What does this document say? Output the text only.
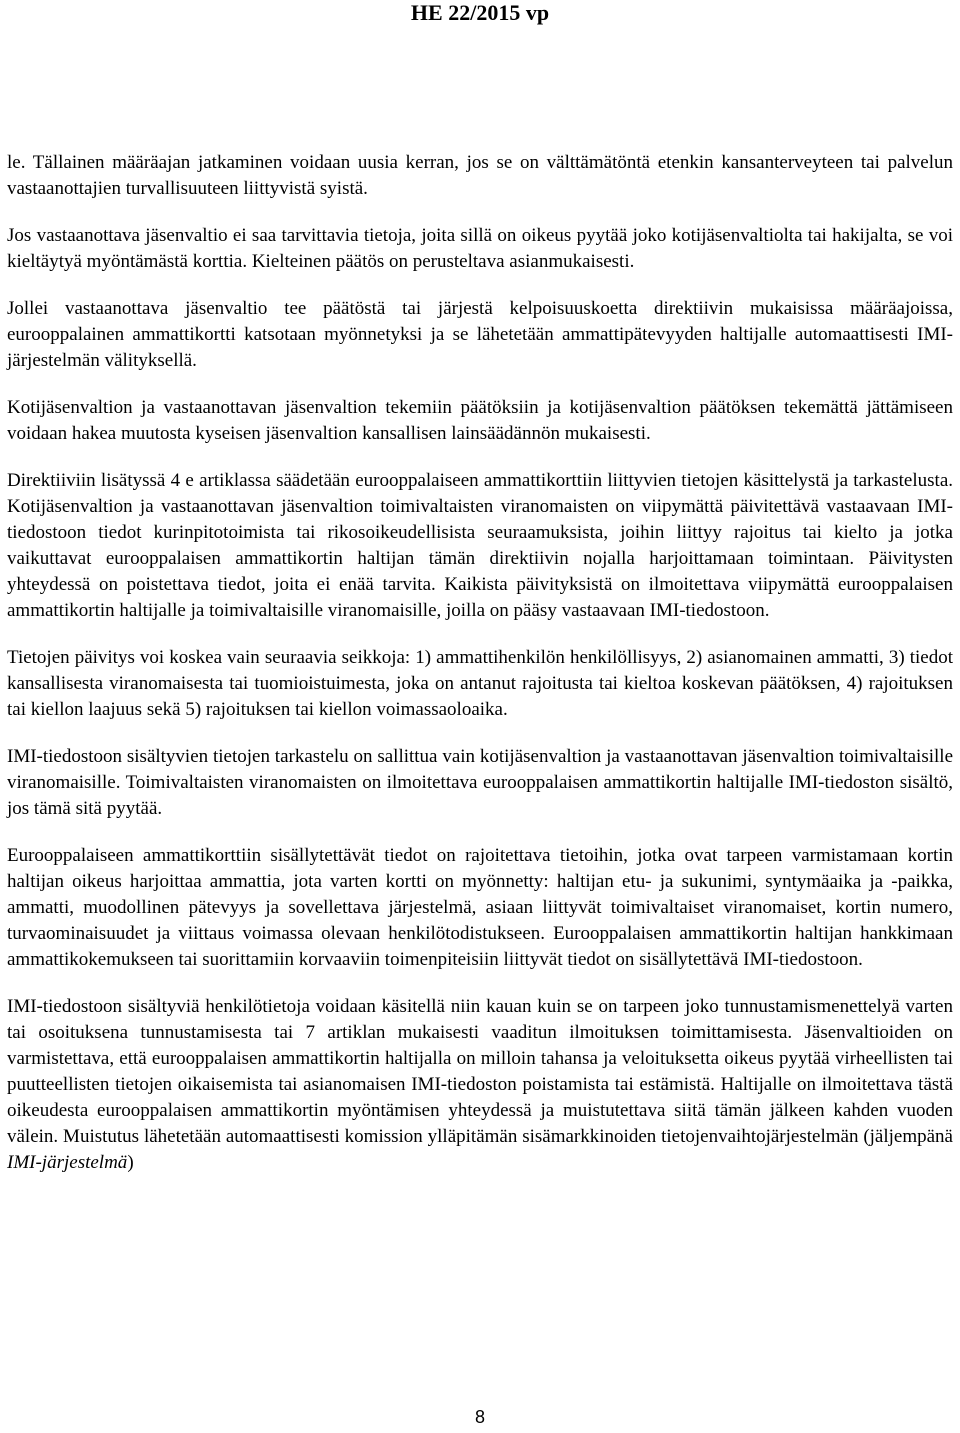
HE 22/2015 vp

le. Tällainen määräajan jatkaminen voidaan uusia kerran, jos se on välttämätöntä etenkin kansanterveyteen tai palvelun vastaanottajien turvallisuuteen liittyvistä syistä.

Jos vastaanottava jäsenvaltio ei saa tarvittavia tietoja, joita sillä on oikeus pyytää joko kotijäsenvaltiolta tai hakijalta, se voi kieltäytyä myöntämästä korttia. Kielteinen päätös on perusteltava asianmukaisesti.

Jollei vastaanottava jäsenvaltio tee päätöstä tai järjestä kelpoisuuskoetta direktiivin mukaisissa määräajoissa, eurooppalainen ammattikortti katsotaan myönnetyksi ja se lähetetään ammattipätevyyden haltijalle automaattisesti IMI- järjestelmän välityksellä.

Kotijäsenvaltion ja vastaanottavan jäsenvaltion tekemiin päätöksiin ja kotijäsenvaltion päätöksen tekemättä jättämiseen voidaan hakea muutosta kyseisen jäsenvaltion kansallisen lainsäädännön mukaisesti.

Direktiiviin lisätyssä 4 e artiklassa säädetään eurooppalaiseen ammattikorttiin liittyvien tietojen käsittelystä ja tarkastelusta. Kotijäsenvaltion ja vastaanottavan jäsenvaltion toimivaltaisten viranomaisten on viipymättä päivitettävä vastaavaan IMI-tiedostoon tiedot kurinpitotoimista tai rikosoikeudellisista seuraamuksista, joihin liittyy rajoitus tai kielto ja jotka vaikuttavat eurooppalaisen ammattikortin haltijan tämän direktiivin nojalla harjoittamaan toimintaan. Päivitysten yhteydessä on poistettava tiedot, joita ei enää tarvita. Kaikista päivityksistä on ilmoitettava viipymättä eurooppalaisen ammattikortin haltijalle ja toimivaltaisille viranomaisille, joilla on pääsy vastaavaan IMI-tiedostoon.

Tietojen päivitys voi koskea vain seuraavia seikkoja: 1) ammattihenkilön henkilöllisyys, 2) asianomainen ammatti, 3) tiedot kansallisesta viranomaisesta tai tuomioistuimesta, joka on antanut rajoitusta tai kieltoa koskevan päätöksen, 4) rajoituksen tai kiellon laajuus sekä 5) rajoituksen tai kiellon voimassaoloaika.

IMI-tiedostoon sisältyvien tietojen tarkastelu on sallittua vain kotijäsenvaltion ja vastaanottavan jäsenvaltion toimivaltaisille viranomaisille. Toimivaltaisten viranomaisten on ilmoitettava eurooppalaisen ammattikortin haltijalle IMI-tiedoston sisältö, jos tämä sitä pyytää.

Eurooppalaiseen ammattikorttiin sisällytettävät tiedot on rajoitettava tietoihin, jotka ovat tarpeen varmistamaan kortin haltijan oikeus harjoittaa ammattia, jota varten kortti on myönnetty: haltijan etu- ja sukunimi, syntymäaika ja -paikka, ammatti, muodollinen pätevyys ja sovellettava järjestelmä, asiaan liittyvät toimivaltaiset viranomaiset, kortin numero, turvaominaisuudet ja viittaus voimassa olevaan henkilötodistukseen. Eurooppalaisen ammattikortin haltijan hankkimaan ammattikokemukseen tai suorittamiin korvaaviin toimenpiteisiin liittyvät tiedot on sisällytettävä IMI-tiedostoon.

IMI-tiedostoon sisältyviä henkilötietoja voidaan käsitellä niin kauan kuin se on tarpeen joko tunnustamismenettelyä varten tai osoituksena tunnustamisesta tai 7 artiklan mukaisesti vaaditun ilmoituksen toimittamisesta. Jäsenvaltioiden on varmistettava, että eurooppalaisen ammattikortin haltijalla on milloin tahansa ja veloituksetta oikeus pyytää virheellisten tai puutteellisten tietojen oikaisemista tai asianomaisen IMI-tiedoston poistamista tai estämistä. Haltijalle on ilmoitettava tästä oikeudesta eurooppalaisen ammattikortin myöntämisen yhteydessä ja muistutettava siitä tämän jälkeen kahden vuoden välein. Muistutus lähetetään automaattisesti komission ylläpitämän sisämarkkinoiden tietojenvaihtojärjestelmän (jäljempänä IMI-järjestelmä)

8
